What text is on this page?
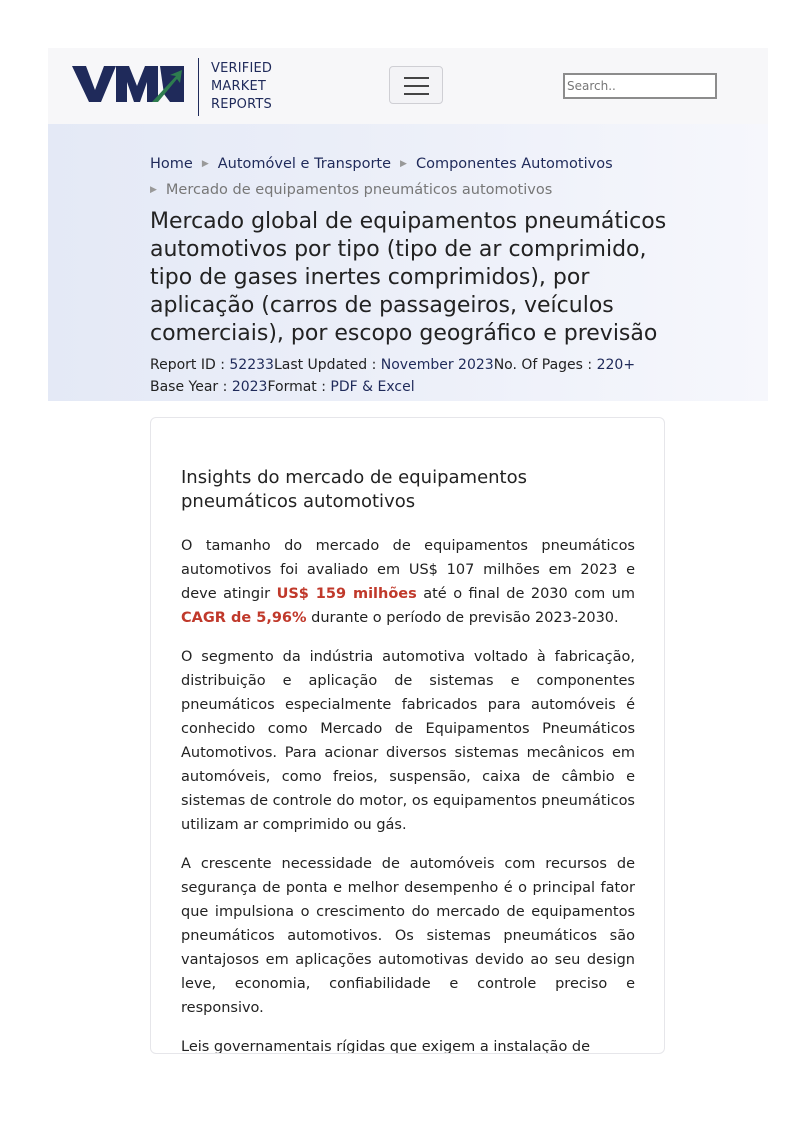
VERIFIED
MARKET
REPORTS
Search..
Home ▶ Automóvel e Transporte ▶ Componentes Automotivos
▶ Mercado de equipamentos pneumáticos automotivos
Mercado global de equipamentos pneumáticos automotivos por tipo (tipo de ar comprimido, tipo de gases inertes comprimidos), por aplicação (carros de passageiros, veículos comerciais), por escopo geográfico e previsão
Report ID : 52233Last Updated : November 2023No. Of Pages : 220+
Base Year : 2023Format : PDF & Excel
Insights do mercado de equipamentos pneumáticos automotivos

O tamanho do mercado de equipamentos pneumáticos automotivos foi avaliado em US$ 107 milhões em 2023 e deve atingir US$ 159 milhões até o final de 2030 com um CAGR de 5,96% durante o período de previsão 2023-2030.

O segmento da indústria automotiva voltado à fabricação, distribuição e aplicação de sistemas e componentes pneumáticos especialmente fabricados para automóveis é conhecido como Mercado de Equipamentos Pneumáticos Automotivos. Para acionar diversos sistemas mecânicos em automóveis, como freios, suspensão, caixa de câmbio e sistemas de controle do motor, os equipamentos pneumáticos utilizam ar comprimido ou gás.

A crescente necessidade de automóveis com recursos de segurança de ponta e melhor desempenho é o principal fator que impulsiona o crescimento do mercado de equipamentos pneumáticos automotivos. Os sistemas pneumáticos são vantajosos em aplicações automotivas devido ao seu design leve, economia, confiabilidade e controle preciso e responsivo.

Leis governamentais rígidas que exigem a instalação de
